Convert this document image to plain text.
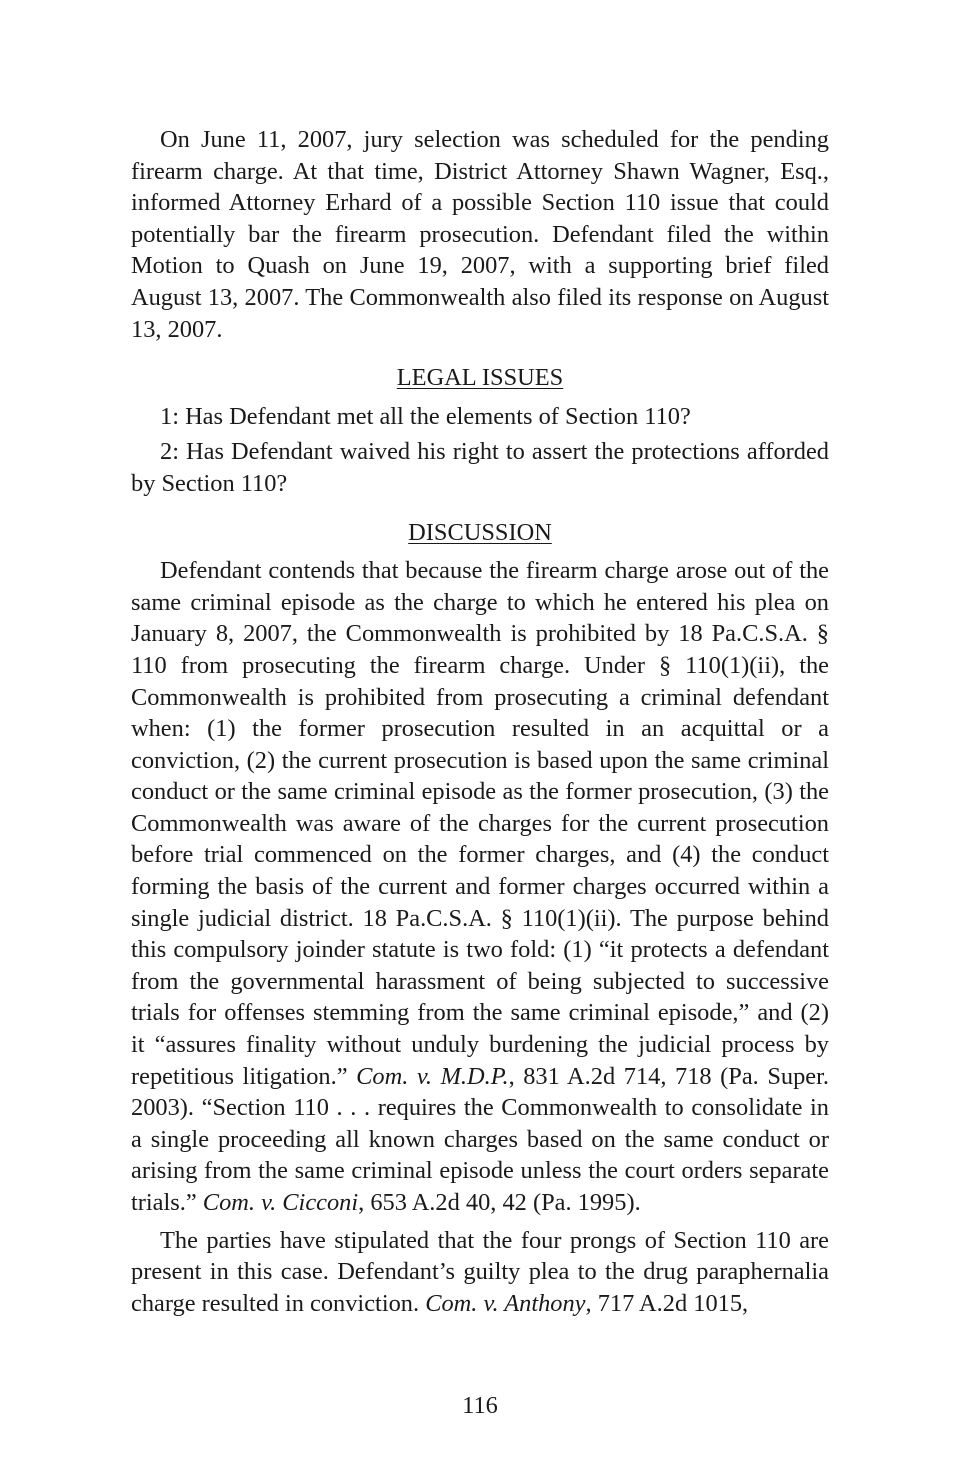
On June 11, 2007, jury selection was scheduled for the pending firearm charge. At that time, District Attorney Shawn Wagner, Esq., informed Attorney Erhard of a possible Section 110 issue that could potentially bar the firearm prosecution. Defendant filed the within Motion to Quash on June 19, 2007, with a supporting brief filed August 13, 2007. The Commonwealth also filed its response on August 13, 2007.

LEGAL ISSUES

1: Has Defendant met all the elements of Section 110?

2: Has Defendant waived his right to assert the protections afforded by Section 110?

DISCUSSION

Defendant contends that because the firearm charge arose out of the same criminal episode as the charge to which he entered his plea on January 8, 2007, the Commonwealth is prohibited by 18 Pa.C.S.A. § 110 from prosecuting the firearm charge. Under § 110(1)(ii), the Commonwealth is prohibited from prosecuting a criminal defendant when: (1) the former prosecution resulted in an acquittal or a conviction, (2) the current prosecution is based upon the same criminal conduct or the same criminal episode as the former prosecution, (3) the Commonwealth was aware of the charges for the current prosecution before trial commenced on the former charges, and (4) the conduct forming the basis of the current and former charges occurred within a single judicial district. 18 Pa.C.S.A. § 110(1)(ii). The purpose behind this compulsory joinder statute is two fold: (1) “it protects a defendant from the governmental harassment of being subjected to successive trials for offenses stemming from the same criminal episode,” and (2) it “assures finality without unduly burdening the judicial process by repetitious litigation.” Com. v. M.D.P., 831 A.2d 714, 718 (Pa. Super. 2003). “Section 110 . . . requires the Commonwealth to consolidate in a single proceeding all known charges based on the same conduct or arising from the same criminal episode unless the court orders separate trials.” Com. v. Cicconi, 653 A.2d 40, 42 (Pa. 1995).

The parties have stipulated that the four prongs of Section 110 are present in this case. Defendant’s guilty plea to the drug paraphernalia charge resulted in conviction. Com. v. Anthony, 717 A.2d 1015,

116
